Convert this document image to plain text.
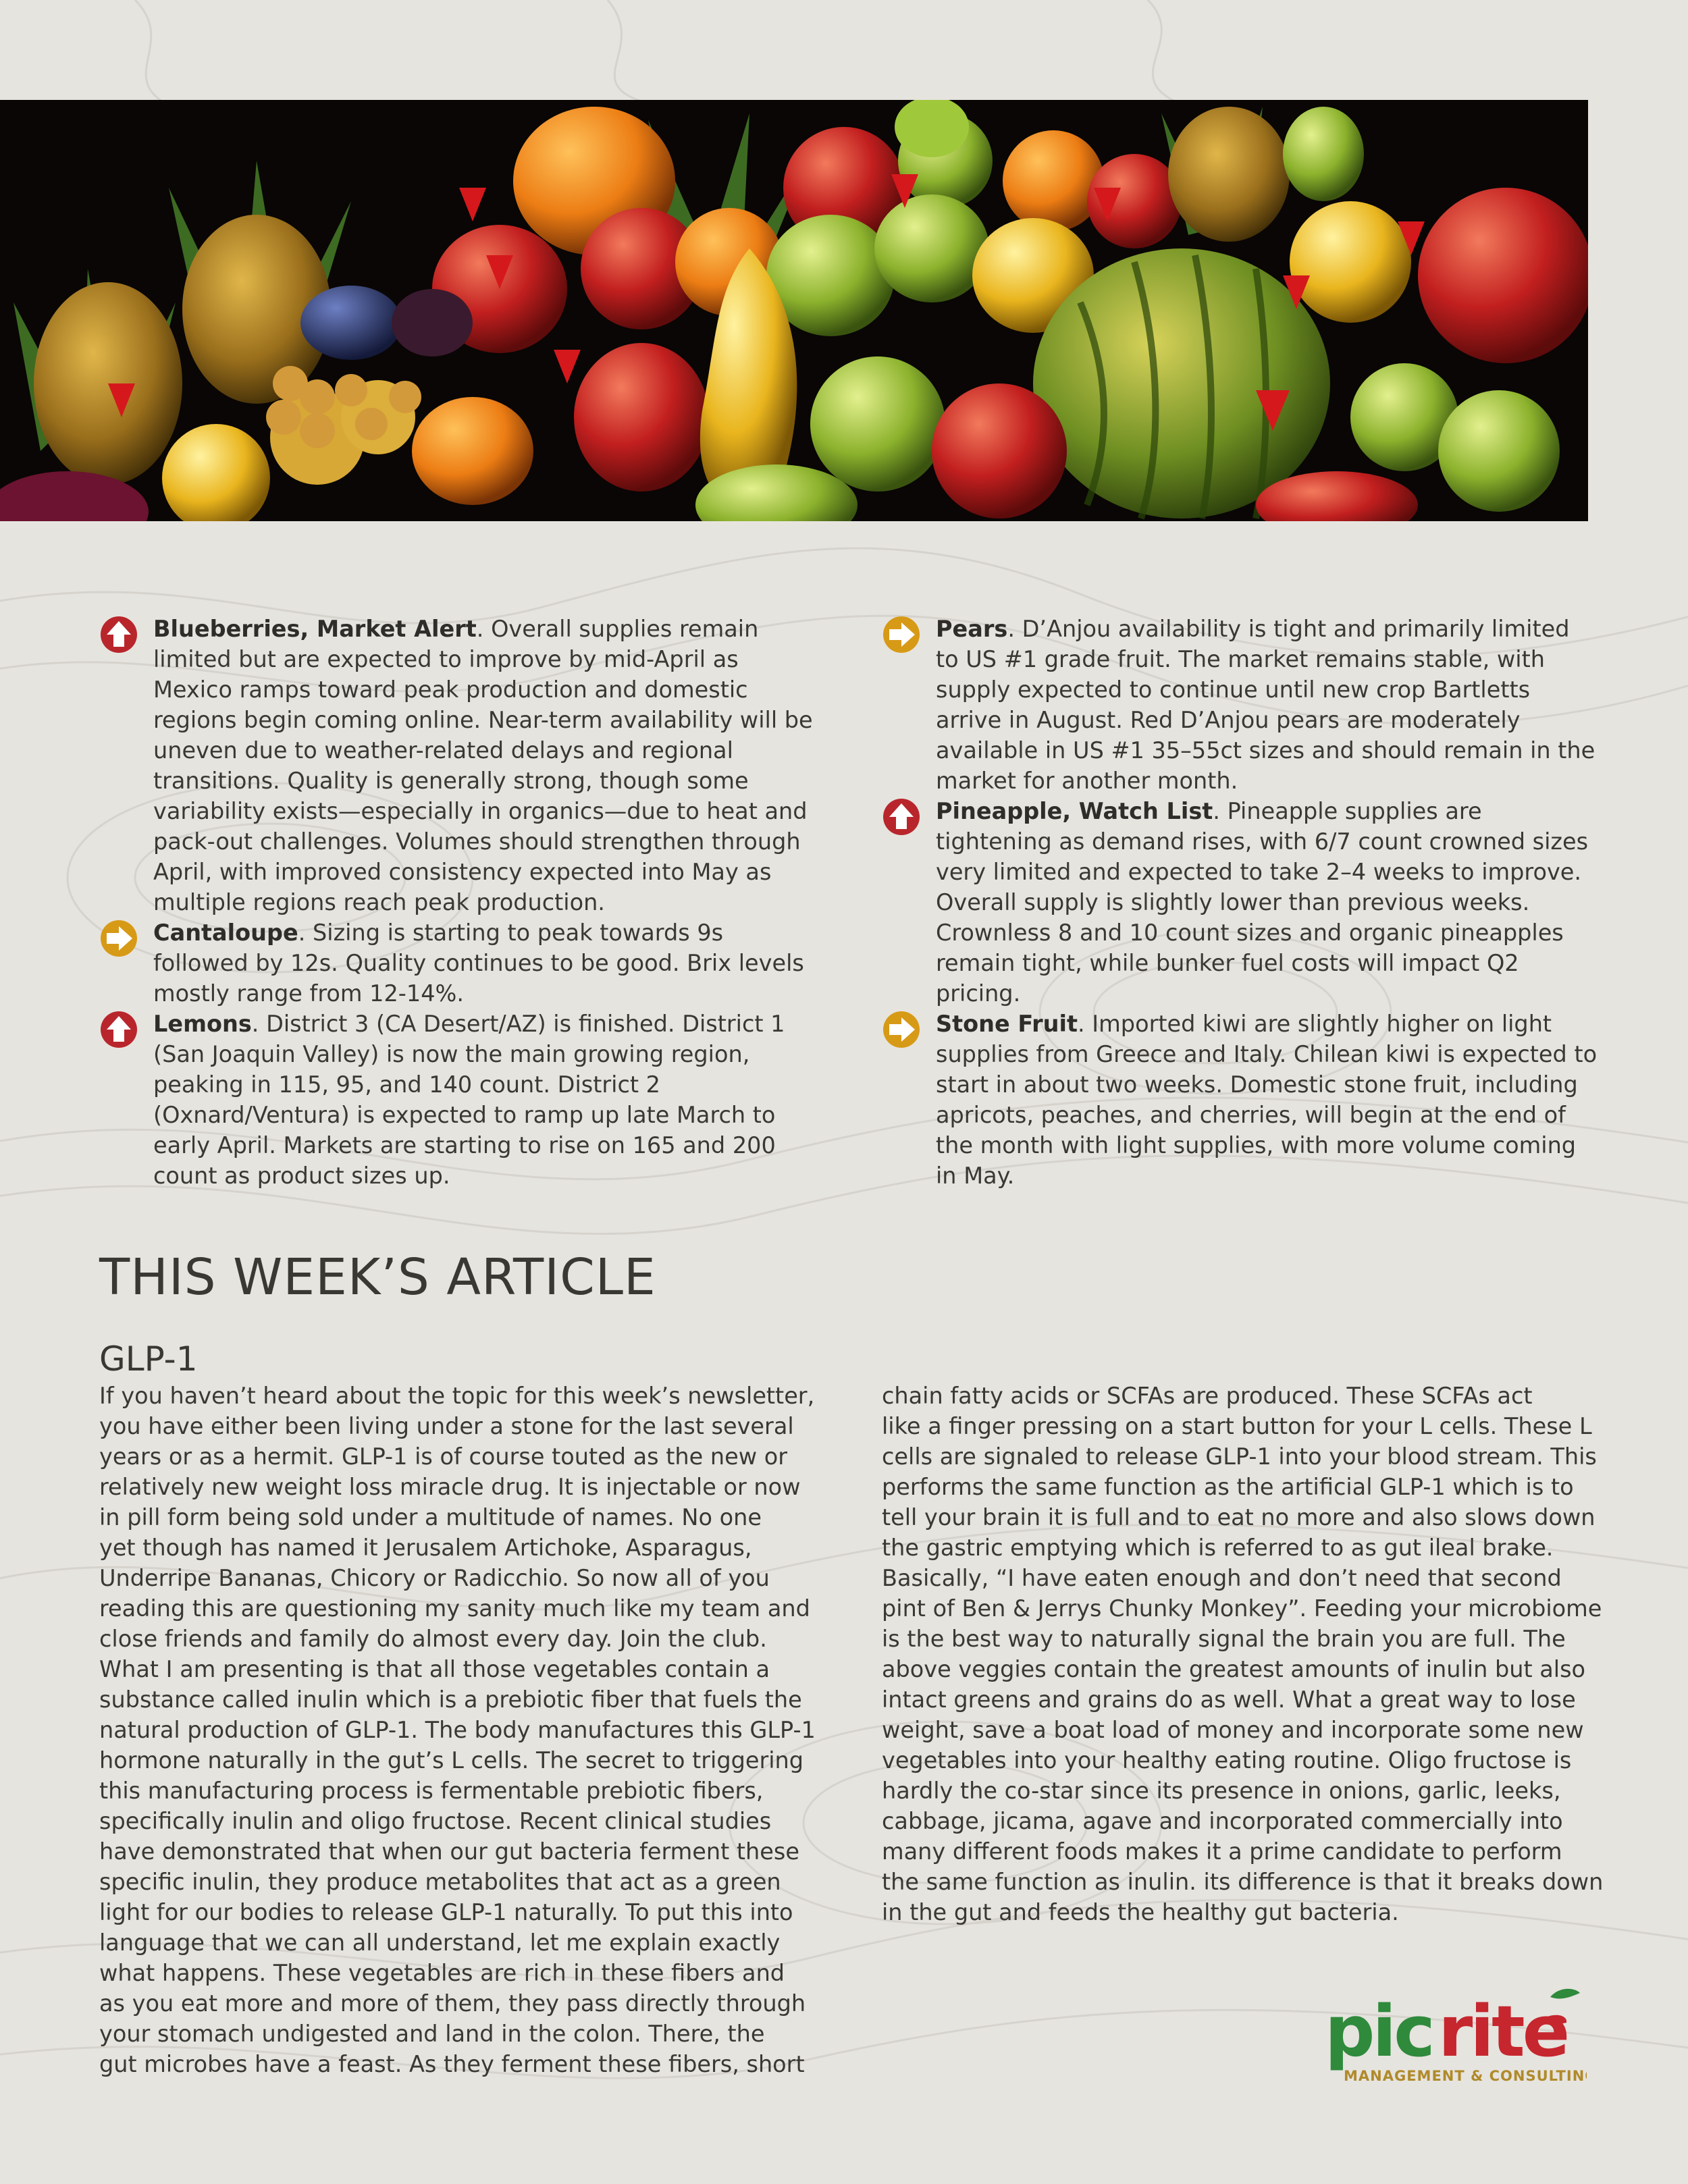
Blueberries, Market Alert. Overall supplies remain limited but are expected to improve by mid-April as Mexico ramps toward peak production and domestic regions begin coming online. Near-term availability will be uneven due to weather-related delays and regional transitions. Quality is generally strong, though some variability exists—especially in organics—due to heat and pack-out challenges. Volumes should strengthen through April, with improved consistency expected into May as multiple regions reach peak production.

Cantaloupe. Sizing is starting to peak towards 9s followed by 12s. Quality continues to be good. Brix levels mostly range from 12-14%.

Lemons. District 3 (CA Desert/AZ) is finished. District 1 (San Joaquin Valley) is now the main growing region, peaking in 115, 95, and 140 count. District 2 (Oxnard/Ventura) is expected to ramp up late March to early April. Markets are starting to rise on 165 and 200 count as product sizes up.

Pears. D’Anjou availability is tight and primarily limited to US #1 grade fruit. The market remains stable, with supply expected to continue until new crop Bartletts arrive in August. Red D’Anjou pears are moderately available in US #1 35–55ct sizes and should remain in the market for another month.

Pineapple, Watch List. Pineapple supplies are tightening as demand rises, with 6/7 count crowned sizes very limited and expected to take 2–4 weeks to improve. Overall supply is slightly lower than previous weeks. Crownless 8 and 10 count sizes and organic pineapples remain tight, while bunker fuel costs will impact Q2 pricing.

Stone Fruit. Imported kiwi are slightly higher on light supplies from Greece and Italy. Chilean kiwi is expected to start in about two weeks. Domestic stone fruit, including apricots, peaches, and cherries, will begin at the end of the month with light supplies, with more volume coming in May.

THIS WEEK’S ARTICLE
GLP-1

If you haven’t heard about the topic for this week’s newsletter,
you have either been living under a stone for the last several
years or as a hermit. GLP-1 is of course touted as the new or
relatively new weight loss miracle drug. It is injectable or now
in pill form being sold under a multitude of names. No one
yet though has named it Jerusalem Artichoke, Asparagus,
Underripe Bananas, Chicory or Radicchio. So now all of you
reading this are questioning my sanity much like my team and
close friends and family do almost every day. Join the club.
What I am presenting is that all those vegetables contain a
substance called inulin which is a prebiotic fiber that fuels the
natural production of GLP-1. The body manufactures this GLP-1
hormone naturally in the gut’s L cells. The secret to triggering
this manufacturing process is fermentable prebiotic fibers,
specifically inulin and oligo fructose. Recent clinical studies
have demonstrated that when our gut bacteria ferment these
specific inulin, they produce metabolites that act as a green
light for our bodies to release GLP-1 naturally. To put this into
language that we can all understand, let me explain exactly
what happens. These vegetables are rich in these fibers and
as you eat more and more of them, they pass directly through
your stomach undigested and land in the colon. There, the
gut microbes have a feast. As they ferment these fibers, short

chain fatty acids or SCFAs are produced. These SCFAs act
like a finger pressing on a start button for your L cells. These L
cells are signaled to release GLP-1 into your blood stream. This
performs the same function as the artificial GLP-1 which is to
tell your brain it is full and to eat no more and also slows down
the gastric emptying which is referred to as gut ileal brake.
Basically, “I have eaten enough and don’t need that second
pint of Ben & Jerrys Chunky Monkey”. Feeding your microbiome
is the best way to naturally signal the brain you are full. The
above veggies contain the greatest amounts of inulin but also
intact greens and grains do as well. What a great way to lose
weight, save a boat load of money and incorporate some new
vegetables into your healthy eating routine. Oligo fructose is
hardly the co-star since its presence in onions, garlic, leeks,
cabbage, jicama, agave and incorporated commercially into
many different foods makes it a prime candidate to perform
the same function as inulin. its difference is that it breaks down
in the gut and feeds the healthy gut bacteria.

pic rite
MANAGEMENT & CONSULTING
